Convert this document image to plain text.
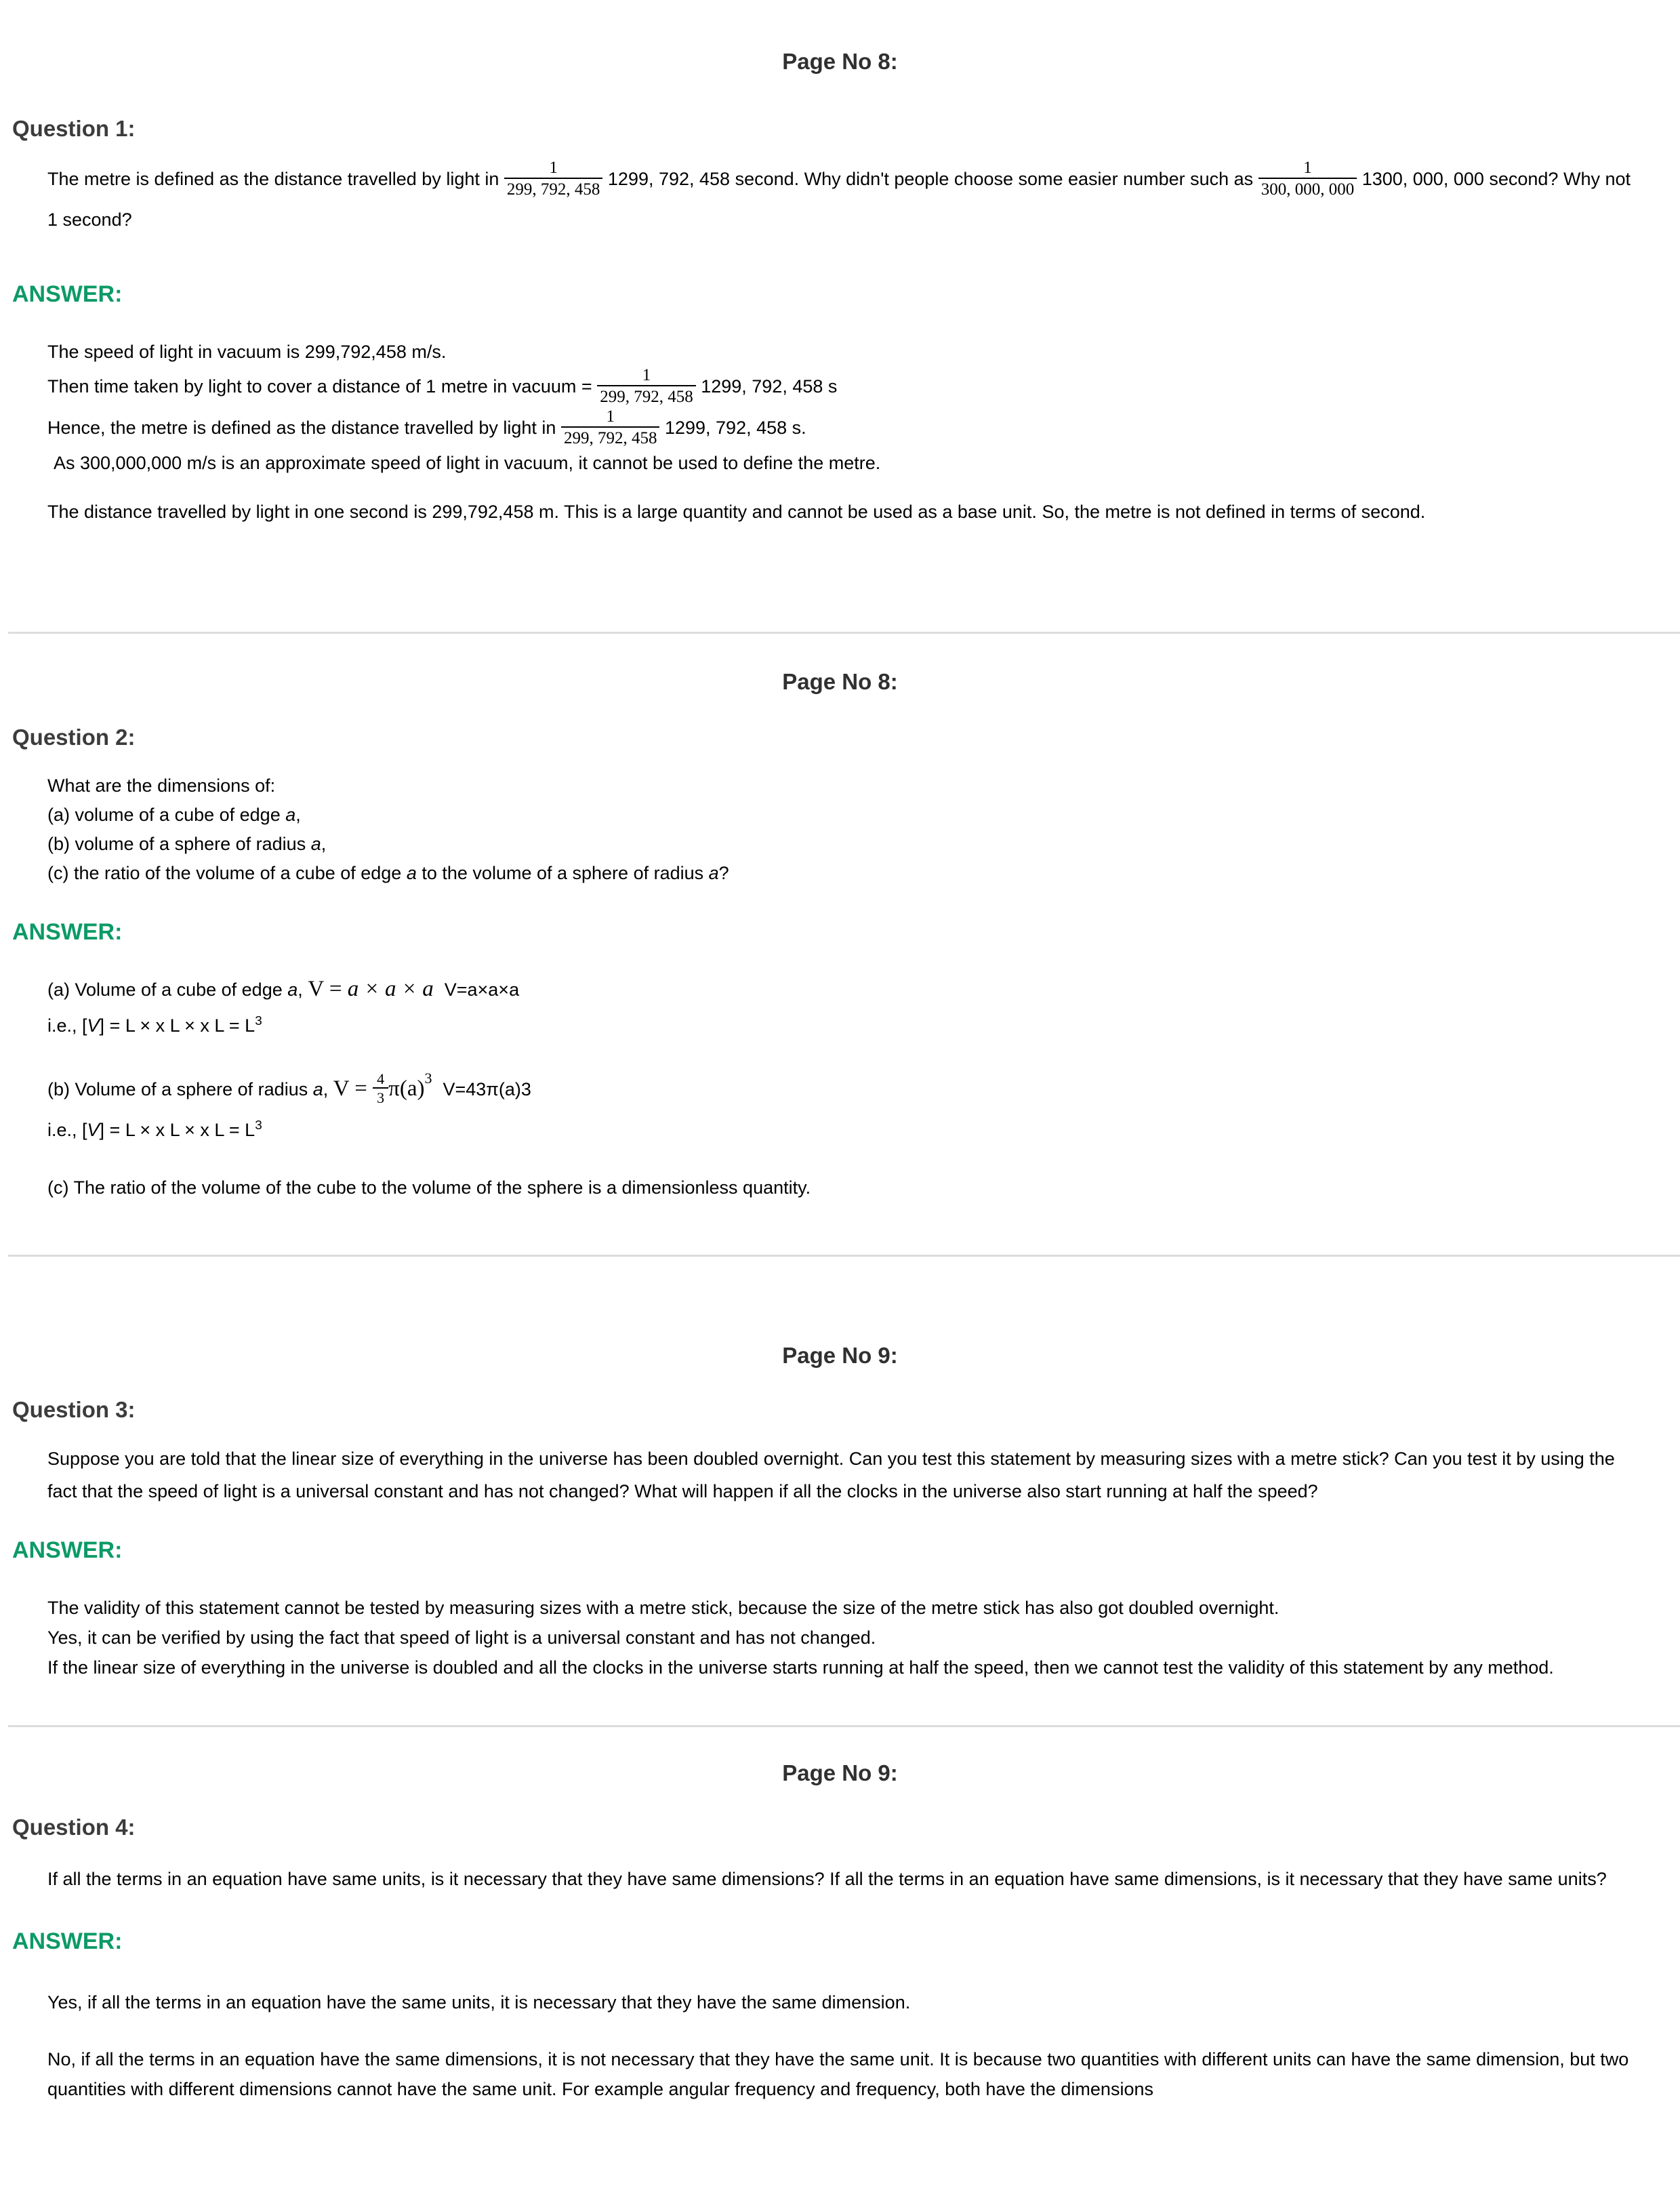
Page No 8:
Question 1:
The metre is defined as the distance travelled by light in $\frac{1}{299, 792, 458} 1299$, 792, 458 second. Why didn't people choose some easier number such as $\frac{1}{300, 000, 000} 1300$, 000, 000 second? Why not 1 second?
ANSWER:
The speed of light in vacuum is 299,792,458 m/s.
Then time taken by light to cover a distance of 1 metre in vacuum = $\frac{1}{299, 792, 458} 1299$, 792, 458 s
Hence, the metre is defined as the distance travelled by light in $\frac{1}{299, 792, 458} 1299$, 792, 458 s.
As 300,000,000 m/s is an approximate speed of light in vacuum, it cannot be used to define the metre.
The distance travelled by light in one second is 299,792,458 m. This is a large quantity and cannot be used as a base unit. So, the metre is not defined in terms of second.
Page No 8:
Question 2:
What are the dimensions of:
(a) volume of a cube of edge a,
(b) volume of a sphere of radius a,
(c) the ratio of the volume of a cube of edge a to the volume of a sphere of radius a?
ANSWER:
(a) Volume of a cube of edge a, V = a × a × a V=a×a×a
i.e., [V] = L × x L × x $L = L^3$
(b) Volume of a sphere of radius a, $V = \frac{4}{3} \pi(a)^3V=43\pi(a)3$
i.e., [V] = L × x L × x $L = L^3$
(c) The ratio of the volume of the cube to the volume of the sphere is a dimensionless quantity.
Page No 9:
Question 3:
Suppose you are told that the linear size of everything in the universe has been doubled overnight. Can you test this statement by measuring sizes with a metre stick? Can you test it by using the fact that the speed of light is a universal constant and has not changed? What will happen if all the clocks in the universe also start running at half the speed?
ANSWER:
The validity of this statement cannot be tested by measuring sizes with a metre stick, because the size of the metre stick has also got doubled overnight.
Yes, it can be verified by using the fact that speed of light is a universal constant and has not changed.
If the linear size of everything in the universe is doubled and all the clocks in the universe starts running at half the speed, then we cannot test the validity of this statement by any method.
Page No 9:
Question 4:
If all the terms in an equation have same units, is it necessary that they have same dimensions? If all the terms in an equation have same dimensions, is it necessary that they have same units?
ANSWER:
Yes, if all the terms in an equation have the same units, it is necessary that they have the same dimension.
No, if all the terms in an equation have the same dimensions, it is not necessary that they have the same unit. It is because two quantities with different units can have the same dimension, but two quantities with different dimensions cannot have the same unit. For example angular frequency and frequency, both have the dimensions
